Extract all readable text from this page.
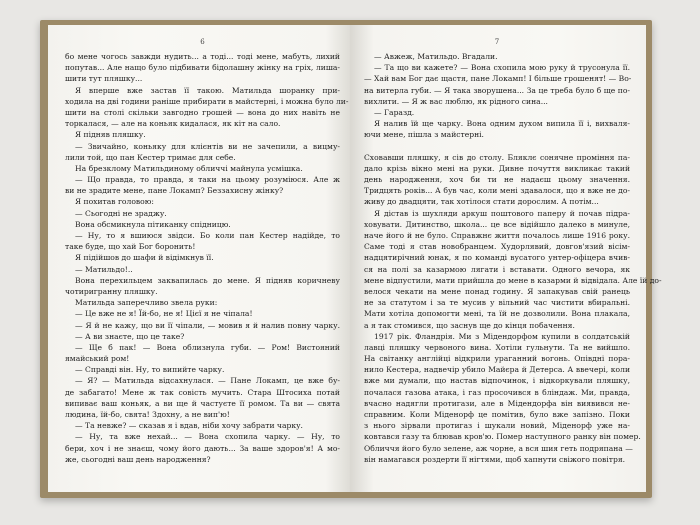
6
бо мене чогось завжди нудить... а тоді... тоді мене, мабуть, лихий
попутав... Але нащо було підбивати бідолашну жінку на гріх, лиша-
шити тут пляшку...
Я вперше вже застав її такою. Матильда шоранку при-
ходила на дві години раніше прибирати в майстерні, і можна було ли-
шити на столі скільки завгодно грошей — вона до них навіть не
торкалася, — але на коньяк кидалася, як кіт на сало.
Я підняв пляшку.
— Звичайно, коньяку для клієнтів ви не зачепили, а вицму-
лили той, що пан Кестер тримає для себе.
На брезклому Матильдиному обличчі майнула усмішка.
— Що правда, то правда, я таки на цьому розуміюся. Але ж
ви не зрадите мене, пане Локамп? Беззахисну жінку?
Я похитав головою:
— Сьогодні не зраджу.
Вона обсмикнула пітиканку спідницю.
— Ну, то я вшиюся звідси. Бо коли пан Кестер надійде, то
таке буде, що хай Бог боронить!
Я підійшов до шафи й відімкнув її.
— Матильдо!..
Вона перехильцем заквапилась до мене. Я підняв коричневу
чотиригранну пляшку.
Матильда заперечливо звела руки:
— Це вже не я! Їй-бо, не я! Цієї я не чіпала!
— Я й не кажу, що ви її чіпали, — мовив я й налив повну чарку.
— А ви знаєте, що це таке?
— Ще б пак! — Вона облизнула губи. — Ром! Вистояний
ямайський ром!
— Справді він. Ну, то випийте чарку.
— Я? — Матильда відсахнулася. — Пане Локамп, це вже бу-
де забагато! Мене ж так совість мучить. Стара Штосиха потай
випиває ваш коньяк, а ви ще й частуєте її ромом. Та ви — свята
людина, їй-бо, свята! Здохну, а не вип'ю!
— Та невже? — сказав я і вдав, ніби хочу забрати чарку.
— Ну, та вже нехай... — Вона схопила чарку. — Ну, то
бери, хоч і не знаєш, чому його дають... За ваше здоров'я! А мо-
же, сьогодні ваш день народження?
7
— Авжеж, Матильдо. Вгадали.
— Та що ви кажете? — Вона схопила мою руку й трусонула її.
— Хай вам Бог дає щастя, пане Локамп! І більше грошенят! — Во-
на витерла губи. — Я така зворушена... За це треба було б ще по-
вихлити. — Я ж вас люблю, як рідного сина...
— Гаразд.
Я налив їй ще чарку. Вона одним духом випила її і, вихваля-
ючи мене, пішла з майстерні.
Сховавши пляшку, я сів до столу. Бляклє сонячне проміння па-
дало крізь вікно мені на руки. Дивне почуття викликає такий
день народження, хоч би ти не надаєш цьому значення.
Тридцять років... А був час, коли мені здавалося, що я вже не до-
живу до двадцяти, так хотілося стати дорослим. А потім...
Я дістав із шухляди аркуш поштового паперу й почав підра-
ховувати. Дитинство, школа... це все відійшло далеко в минуле,
наче його й не було. Справжнє життя почалось лише 1916 року.
Саме тоді я став новобранцем. Худорлявий, довгов'язий вісім-
надцятирічний юнак, я по команді вусатого унтер-офіцера вчив-
ся на полі за казармою лягати і вставати. Одного вечора, як
мене відпустили, мати прийшла до мене в казарми й відвідала. Але їй до-
велося чекати на мене понад годину. Я запакував свій ранець
не за статутом і за те мусив у вільний час чистити вбиральні.
Мати хотіла допомогти мені, та їй не дозволили. Вона плакала,
а я так стомився, що заснув ще до кінця побачення.
1917 рік. Фландрія. Ми з Мідендорфом купили в солдатській
лавці пляшку червоного вина. Хотіли гульнути. Та не вийшло.
На світанку англійці відкрили ураганний вогонь. Опівдні пора-
нило Кестера, надвечір убило Майєра й Детерса. А ввечері, коли
вже ми думали, що настав відпочинок, і відкоркували пляшку,
почалася газова атака, і газ просочився в бліндаж. Ми, правда,
вчасно надягли протигази, але в Мідендорфа він виявився не-
справним. Коли Міденорф це помітив, було вже запізно. Поки
з нього зірвали протигаз і шукали новий, Міденорф уже на-
ковтався газу та блював кров'ю. Помер наступного ранку він помер.
Обличчя його було зелене, аж чорне, а вся шия геть подряпана —
він намагався роздерти її нігтями, щоб хапнути свіжого повітря.
